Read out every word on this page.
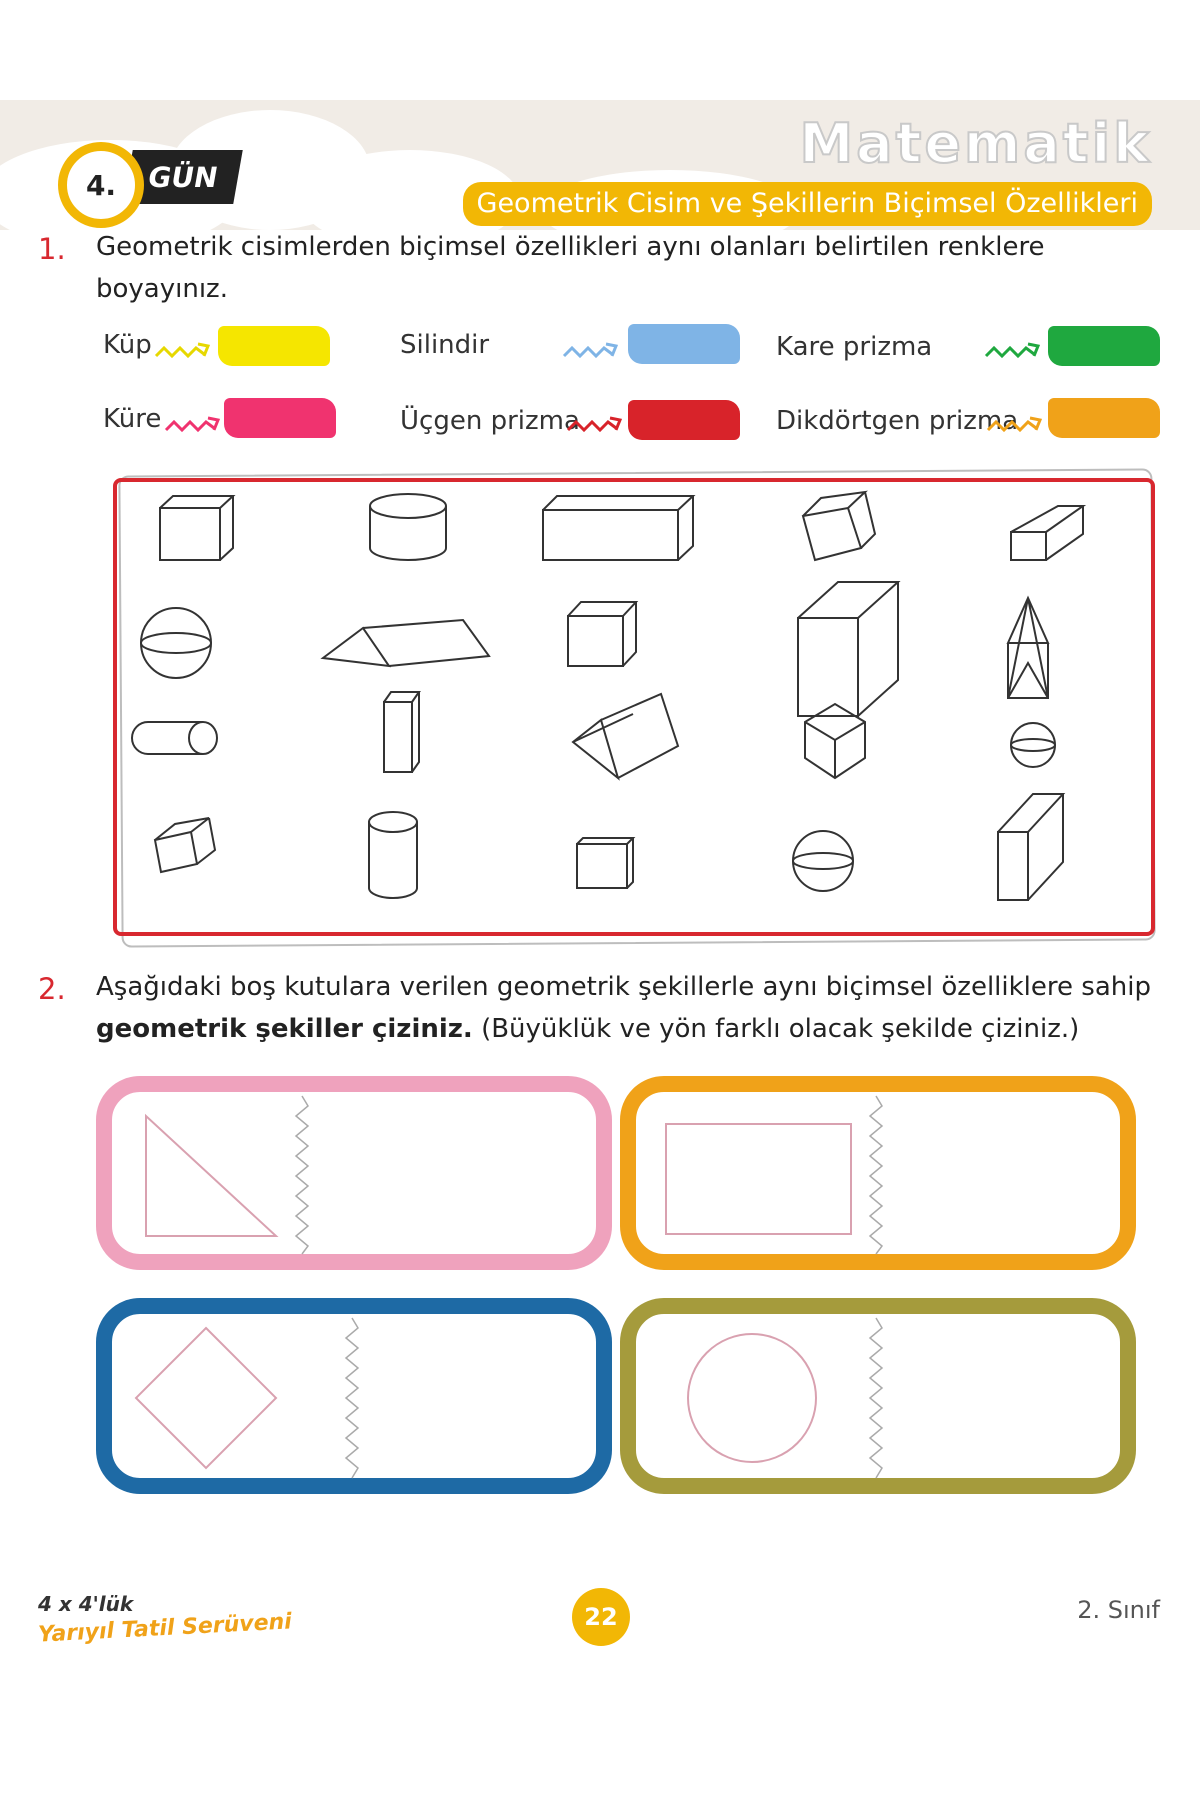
4. GÜN
Matematik
Geometrik Cisim ve Şekillerin Biçimsel Özellikleri
1. Geometrik cisimlerden biçimsel özellikleri aynı olanları belirtilen renklere boyayınız.
Küp	Silindir	Kare prizma
Küre	Üçgen prizma	Dikdörtgen prizma
2. Aşağıdaki boş kutulara verilen geometrik şekillerle aynı biçimsel özelliklere sahip
geometrik şekiller çiziniz. (Büyüklük ve yön farklı olacak şekilde çiziniz.)
4 x 4'lük
Yarıyıl Tatil Serüveni	22	2. Sınıf
